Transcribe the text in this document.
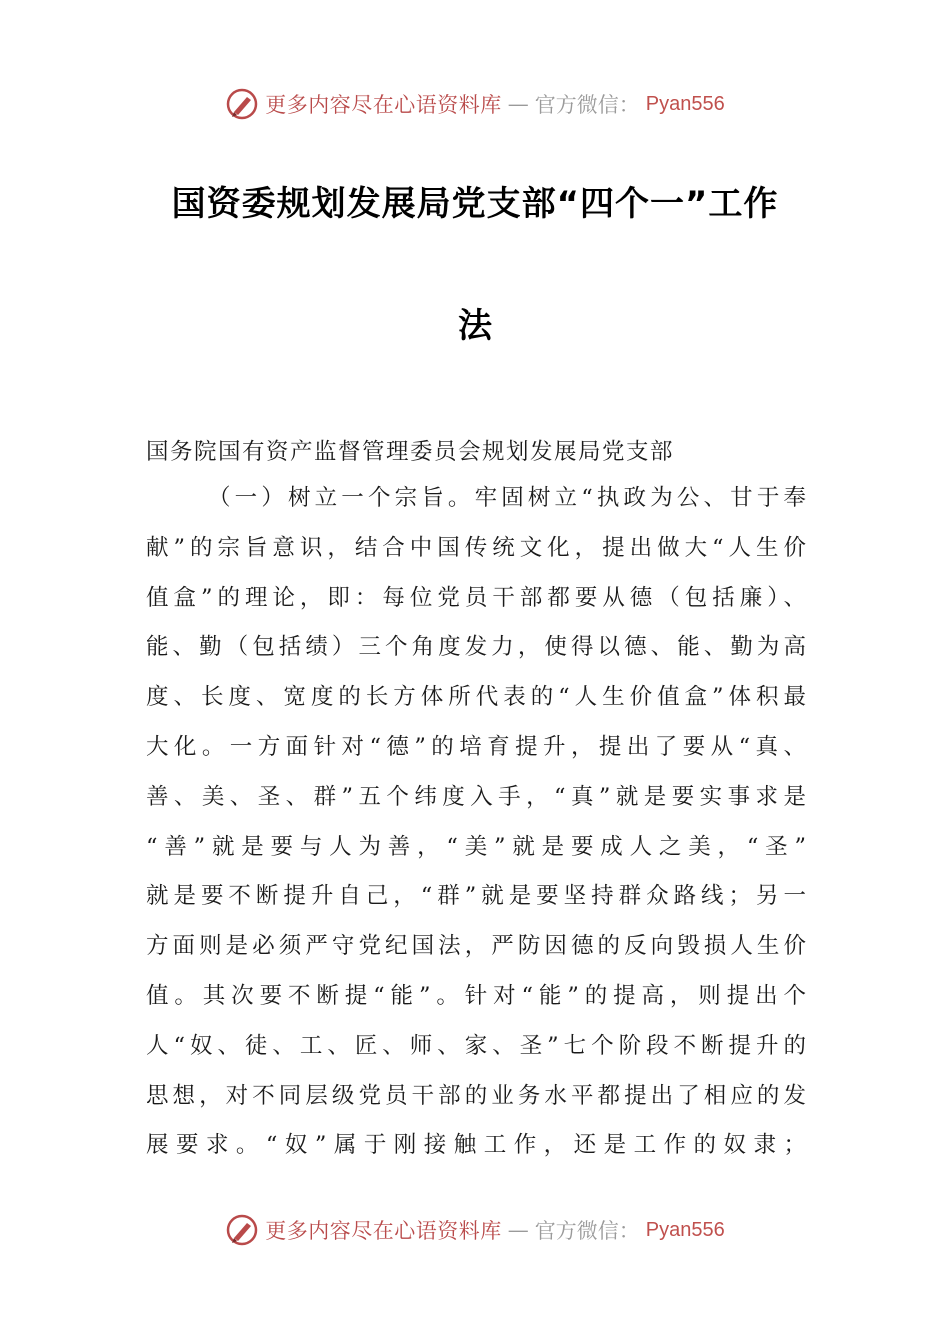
更多内容尽在心语资料库 — 官方微信： Pyan556
国资委规划发展局党支部“四个一”工作
法
国务院国有资产监督管理委员会规划发展局党支部
（一）树立一个宗旨。牢固树立“执政为公、甘于奉
献”的宗旨意识，结合中国传统文化，提出做大“人生价
值盒”的理论，即：每位党员干部都要从德（包括廉）、
能、勤（包括绩）三个角度发力，使得以德、能、勤为高
度、长度、宽度的长方体所代表的“人生价值盒”体积最
大化。一方面针对“德”的培育提升，提出了要从“真、
善、美、圣、群”五个纬度入手，“真”就是要实事求是
“善”就是要与人为善，“美”就是要成人之美，“圣”
就是要不断提升自己，“群”就是要坚持群众路线；另一
方面则是必须严守党纪国法，严防因德的反向毁损人生价
值。其次要不断提“能”。针对“能”的提高，则提出个
人“奴、徒、工、匠、师、家、圣”七个阶段不断提升的
思想，对不同层级党员干部的业务水平都提出了相应的发
展要求。“奴”属于刚接触工作，还是工作的奴隶；
更多内容尽在心语资料库 — 官方微信： Pyan556
